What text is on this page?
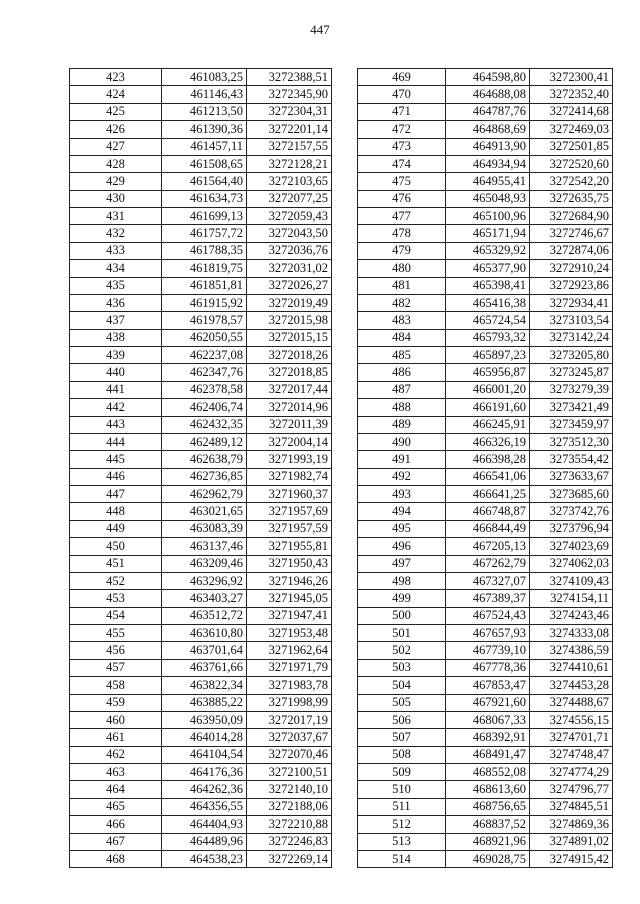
447
423	461083,25	3272388,51
424	461146,43	3272345,90
425	461213,50	3272304,31
426	461390,36	3272201,14
427	461457,11	3272157,55
428	461508,65	3272128,21
429	461564,40	3272103,65
430	461634,73	3272077,25
431	461699,13	3272059,43
432	461757,72	3272043,50
433	461788,35	3272036,76
434	461819,75	3272031,02
435	461851,81	3272026,27
436	461915,92	3272019,49
437	461978,57	3272015,98
438	462050,55	3272015,15
439	462237,08	3272018,26
440	462347,76	3272018,85
441	462378,58	3272017,44
442	462406,74	3272014,96
443	462432,35	3272011,39
444	462489,12	3272004,14
445	462638,79	3271993,19
446	462736,85	3271982,74
447	462962,79	3271960,37
448	463021,65	3271957,69
449	463083,39	3271957,59
450	463137,46	3271955,81
451	463209,46	3271950,43
452	463296,92	3271946,26
453	463403,27	3271945,05
454	463512,72	3271947,41
455	463610,80	3271953,48
456	463701,64	3271962,64
457	463761,66	3271971,79
458	463822,34	3271983,78
459	463885,22	3271998,99
460	463950,09	3272017,19
461	464014,28	3272037,67
462	464104,54	3272070,46
463	464176,36	3272100,51
464	464262,36	3272140,10
465	464356,55	3272188,06
466	464404,93	3272210,88
467	464489,96	3272246,83
468	464538,23	3272269,14
469	464598,80	3272300,41
470	464688,08	3272352,40
471	464787,76	3272414,68
472	464868,69	3272469,03
473	464913,90	3272501,85
474	464934,94	3272520,60
475	464955,41	3272542,20
476	465048,93	3272635,75
477	465100,96	3272684,90
478	465171,94	3272746,67
479	465329,92	3272874,06
480	465377,90	3272910,24
481	465398,41	3272923,86
482	465416,38	3272934,41
483	465724,54	3273103,54
484	465793,32	3273142,24
485	465897,23	3273205,80
486	465956,87	3273245,87
487	466001,20	3273279,39
488	466191,60	3273421,49
489	466245,91	3273459,97
490	466326,19	3273512,30
491	466398,28	3273554,42
492	466541,06	3273633,67
493	466641,25	3273685,60
494	466748,87	3273742,76
495	466844,49	3273796,94
496	467205,13	3274023,69
497	467262,79	3274062,03
498	467327,07	3274109,43
499	467389,37	3274154,11
500	467524,43	3274243,46
501	467657,93	3274333,08
502	467739,10	3274386,59
503	467778,36	3274410,61
504	467853,47	3274453,28
505	467921,60	3274488,67
506	468067,33	3274556,15
507	468392,91	3274701,71
508	468491,47	3274748,47
509	468552,08	3274774,29
510	468613,60	3274796,77
511	468756,65	3274845,51
512	468837,52	3274869,36
513	468921,96	3274891,02
514	469028,75	3274915,42
